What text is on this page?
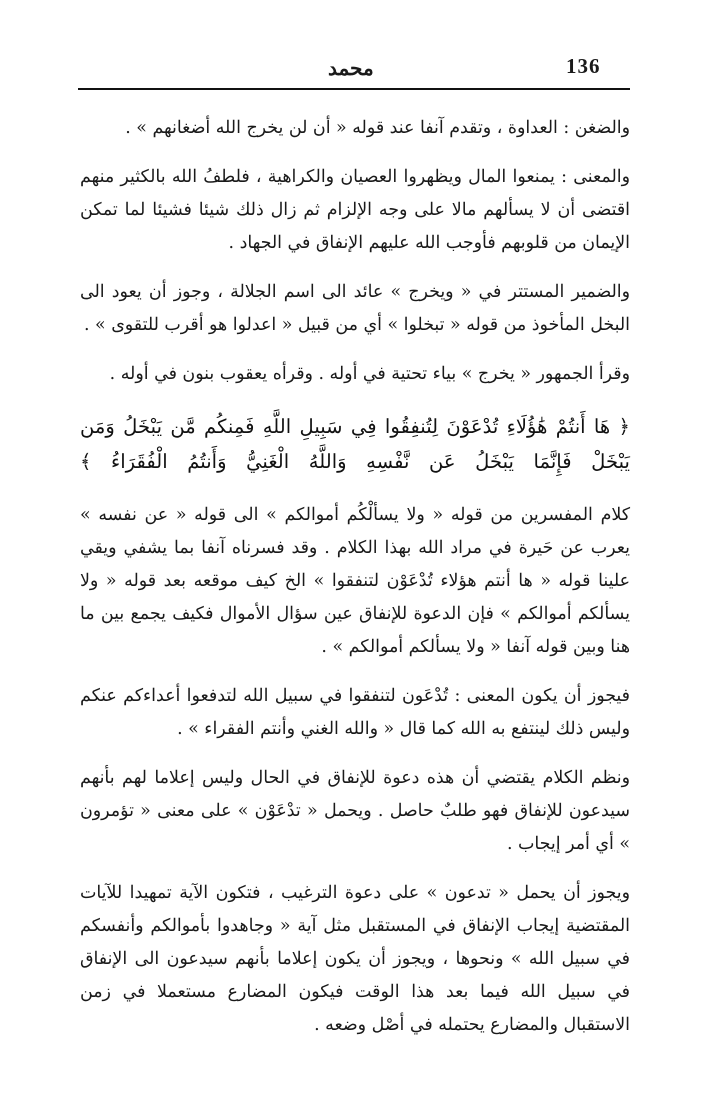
136
محمد

والضغن : العداوة ، وتقدم آنفا عند قوله « أن لن يخرج الله أضغانهم » .

والمعنى : يمنعوا المال ويظهروا العصيان والكراهية ، فلطفُ الله بالكثير منهم اقتضى أن لا يسألهم مالا على وجه الإلزام ثم زال ذلك شيئا فشيئا لما تمكن الإيمان من قلوبهم فأوجب الله عليهم الإنفاق في الجهاد .

والضمير المستتر في « ويخرج » عائد الى اسم الجلالة ، وجوز أن يعود الى البخل المأخوذ من قوله « تبخلوا » أي من قبيل « اعدلوا هو أقرب للتقوى » .

وقرأ الجمهور « يخرج » بياء تحتية في أوله . وقرأه يعقوب بنون في أوله .

﴿ هَا أَنتُمْ هَٰؤُلَاءِ تُدْعَوْنَ لِتُنفِقُوا فِي سَبِيلِ اللَّهِ فَمِنكُم مَّن يَبْخَلُ وَمَن يَبْخَلْ فَإِنَّمَا يَبْخَلُ عَن نَّفْسِهِ وَاللَّهُ الْغَنِيُّ وَأَنتُمُ الْفُقَرَاءُ ﴾

كلام المفسرين من قوله « ولا يسألْكُم أموالكم » الى قوله « عن نفسه » يعرب عن حَيرة في مراد الله بهذا الكلام . وقد فسرناه آنفا بما يشفي ويقي علينا قوله « ها أنتم هؤلاء تُدْعَوْن لتنفقوا » الخ كيف موقعه بعد قوله « ولا يسألكم أموالكم » فإن الدعوة للإنفاق عين سؤال الأموال فكيف يجمع بين ما هنا وبين قوله آنفا « ولا يسألكم أموالكم » .

فيجوز أن يكون المعنى : تُدْعَون لتنفقوا في سبيل الله لتدفعوا أعداءكم عنكم وليس ذلك لينتفع به الله كما قال « والله الغني وأنتم الفقراء » .

ونظم الكلام يقتضي أن هذه دعوة للإنفاق في الحال وليس إعلاما لهم بأنهم سيدعون للإنفاق فهو طلبٌ حاصل . ويحمل « تدْعَوْن » على معنى « تؤمرون » أي أمر إيجاب .

ويجوز أن يحمل « تدعون » على دعوة الترغيب ، فتكون الآية تمهيدا للآيات المقتضية إيجاب الإنفاق في المستقبل مثل آية « وجاهدوا بأموالكم وأنفسكم في سبيل الله » ونحوها ، ويجوز أن يكون إعلاما بأنهم سيدعون الى الإنفاق في سبيل الله فيما بعد هذا الوقت فيكون المضارع مستعملا في زمن الاستقبال والمضارع يحتمله في أصْل وضعه .
